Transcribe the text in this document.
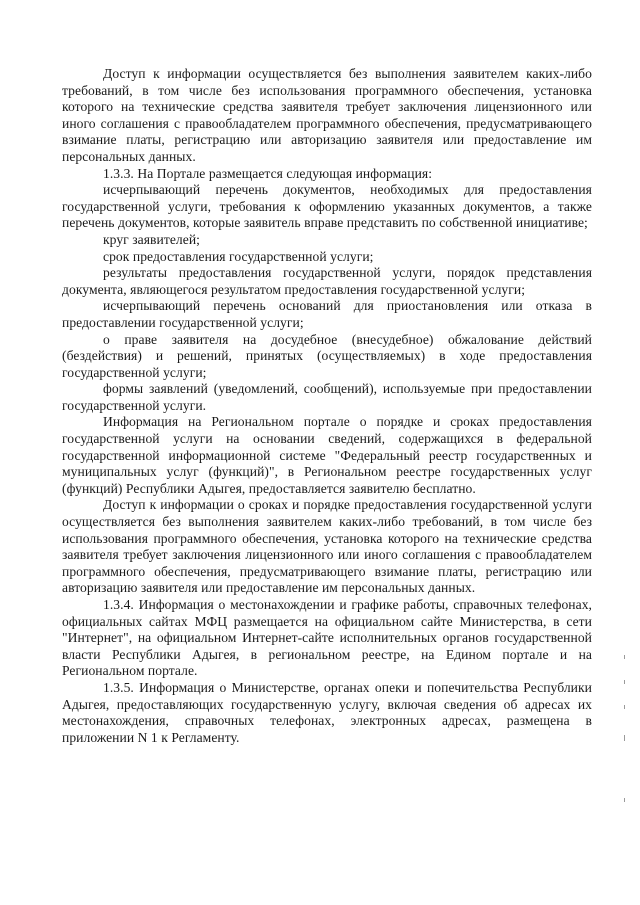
Доступ к информации осуществляется без выполнения заявителем каких-либо требований, в том числе без использования программного обеспечения, установка которого на технические средства заявителя требует заключения лицензионного или иного соглашения с правообладателем программного обеспечения, предусматривающего взимание платы, регистрацию или авторизацию заявителя или предоставление им персональных данных.

1.3.3. На Портале размещается следующая информация:

исчерпывающий перечень документов, необходимых для предоставления государственной услуги, требования к оформлению указанных документов, а также перечень документов, которые заявитель вправе представить по собственной инициативе;

круг заявителей;

срок предоставления государственной услуги;

результаты предоставления государственной услуги, порядок представления документа, являющегося результатом предоставления государственной услуги;

исчерпывающий перечень оснований для приостановления или отказа в предоставлении государственной услуги;

о праве заявителя на досудебное (внесудебное) обжалование действий (бездействия) и решений, принятых (осуществляемых) в ходе предоставления государственной услуги;

формы заявлений (уведомлений, сообщений), используемые при предоставлении государственной услуги.

Информация на Региональном портале о порядке и сроках предоставления государственной услуги на основании сведений, содержащихся в федеральной государственной информационной системе "Федеральный реестр государственных и муниципальных услуг (функций)", в Региональном реестре государственных услуг (функций) Республики Адыгея, предоставляется заявителю бесплатно.

Доступ к информации о сроках и порядке предоставления государственной услуги осуществляется без выполнения заявителем каких-либо требований, в том числе без использования программного обеспечения, установка которого на технические средства заявителя требует заключения лицензионного или иного соглашения с правообладателем программного обеспечения, предусматривающего взимание платы, регистрацию или авторизацию заявителя или предоставление им персональных данных.

1.3.4. Информация о местонахождении и графике работы, справочных телефонах, официальных сайтах МФЦ размещается на официальном сайте Министерства, в сети "Интернет", на официальном Интернет-сайте исполнительных органов государственной власти Республики Адыгея, в региональном реестре, на Едином портале и на Региональном портале.

1.3.5. Информация о Министерстве, органах опеки и попечительства Республики Адыгея, предоставляющих государственную услугу, включая сведения об адресах их местонахождения, справочных телефонах, электронных адресах, размещена в приложении N 1 к Регламенту.
